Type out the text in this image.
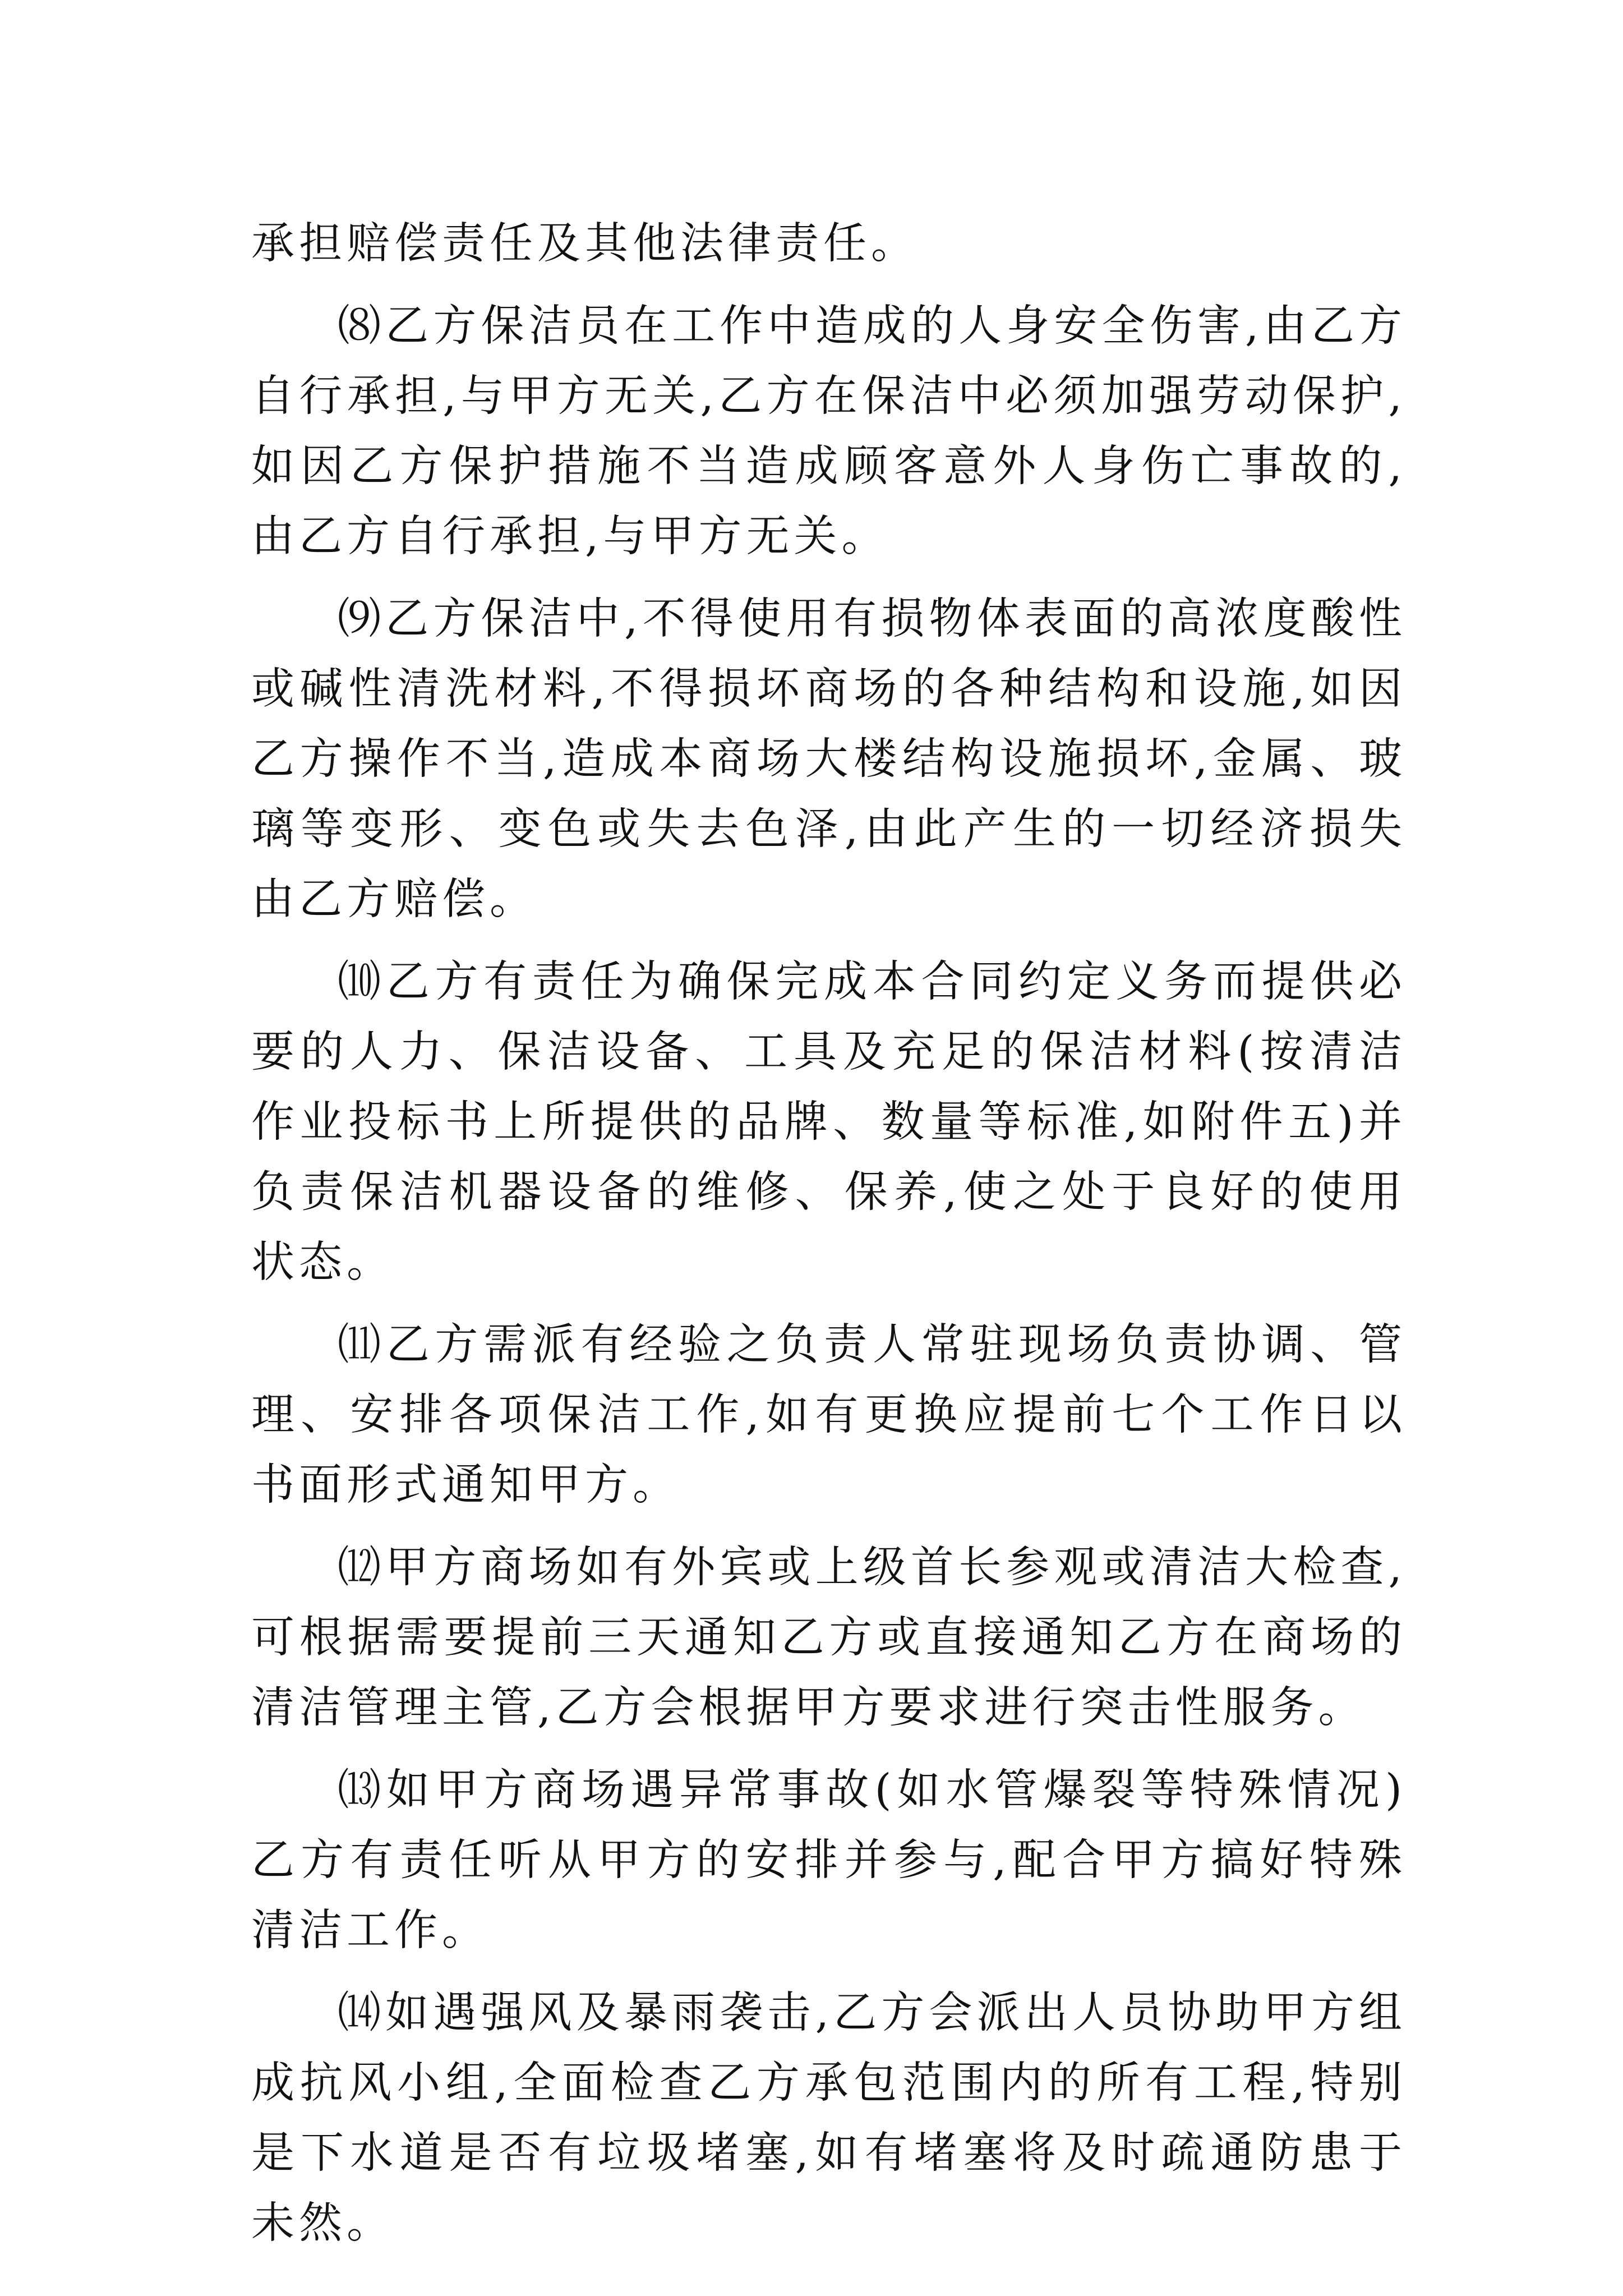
承担赔偿责任及其他法律责任。

⑻乙方保洁员在工作中造成的人身安全伤害,由乙方自行承担,与甲方无关,乙方在保洁中必须加强劳动保护,如因乙方保护措施不当造成顾客意外人身伤亡事故的,由乙方自行承担,与甲方无关。

⑼乙方保洁中,不得使用有损物体表面的高浓度酸性或碱性清洗材料,不得损坏商场的各种结构和设施,如因乙方操作不当,造成本商场大楼结构设施损坏,金属、玻璃等变形、变色或失去色泽,由此产生的一切经济损失由乙方赔偿。

⑽乙方有责任为确保完成本合同约定义务而提供必要的人力、保洁设备、工具及充足的保洁材料(按清洁作业投标书上所提供的品牌、数量等标准,如附件五)并负责保洁机器设备的维修、保养,使之处于良好的使用状态。

⑾乙方需派有经验之负责人常驻现场负责协调、管理、安排各项保洁工作,如有更换应提前七个工作日以书面形式通知甲方。

⑿甲方商场如有外宾或上级首长参观或清洁大检查,可根据需要提前三天通知乙方或直接通知乙方在商场的清洁管理主管,乙方会根据甲方要求进行突击性服务。

⒀如甲方商场遇异常事故(如水管爆裂等特殊情况)乙方有责任听从甲方的安排并参与,配合甲方搞好特殊清洁工作。

⒁如遇强风及暴雨袭击,乙方会派出人员协助甲方组成抗风小组,全面检查乙方承包范围内的所有工程,特别是下水道是否有垃圾堵塞,如有堵塞将及时疏通防患于未然。
